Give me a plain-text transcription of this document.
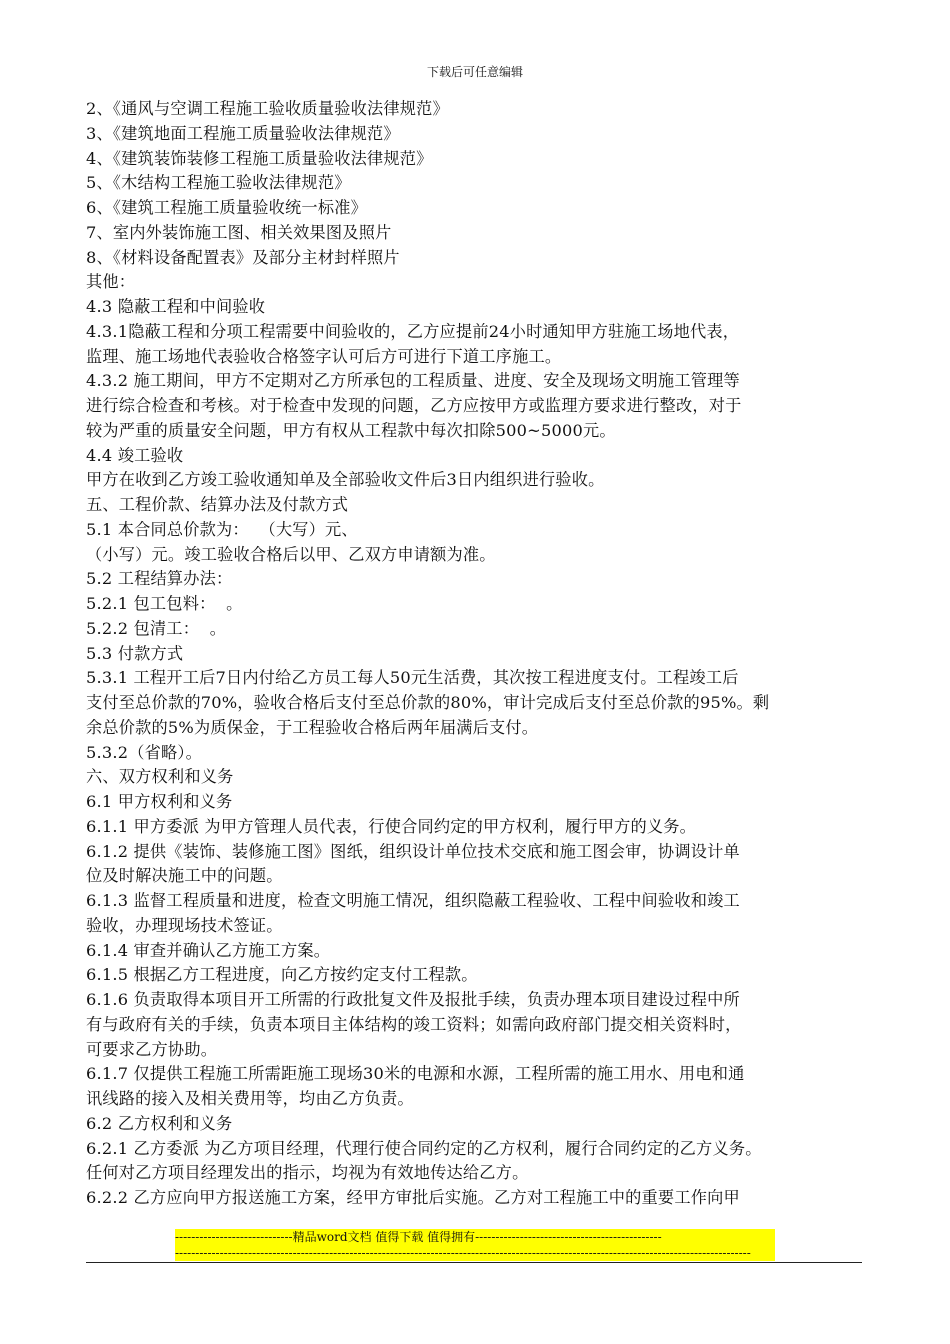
下载后可任意编辑
2、《通风与空调工程施工验收质量验收法律规范》
3、《建筑地面工程施工质量验收法律规范》
4、《建筑装饰装修工程施工质量验收法律规范》
5、《木结构工程施工验收法律规范》
6、《建筑工程施工质量验收统一标准》
7、室内外装饰施工图、相关效果图及照片
8、《材料设备配置表》及部分主材封样照片
其他：
4.3 隐蔽工程和中间验收
4.3.1隐蔽工程和分项工程需要中间验收的，乙方应提前24小时通知甲方驻施工场地代表，
监理、施工场地代表验收合格签字认可后方可进行下道工序施工。
4.3.2 施工期间，甲方不定期对乙方所承包的工程质量、进度、安全及现场文明施工管理等
进行综合检查和考核。对于检查中发现的问题，乙方应按甲方或监理方要求进行整改，对于
较为严重的质量安全问题，甲方有权从工程款中每次扣除500~5000元。
4.4 竣工验收
甲方在收到乙方竣工验收通知单及全部验收文件后3日内组织进行验收。
五、工程价款、结算办法及付款方式
5.1 本合同总价款为：  （大写）元、
（小写）元。竣工验收合格后以甲、乙双方申请额为准。
5.2 工程结算办法：
5.2.1 包工包料：  。
5.2.2 包清工：  。
5.3 付款方式
5.3.1 工程开工后7日内付给乙方员工每人50元生活费，其次按工程进度支付。工程竣工后
支付至总价款的70%，验收合格后支付至总价款的80%，审计完成后支付至总价款的95%。剩
余总价款的5%为质保金，于工程验收合格后两年届满后支付。
5.3.2（省略）。
六、双方权利和义务
6.1 甲方权利和义务
6.1.1 甲方委派 为甲方管理人员代表，行使合同约定的甲方权利，履行甲方的义务。
6.1.2 提供《装饰、装修施工图》图纸，组织设计单位技术交底和施工图会审，协调设计单
位及时解决施工中的问题。
6.1.3 监督工程质量和进度，检查文明施工情况，组织隐蔽工程验收、工程中间验收和竣工
验收，办理现场技术签证。
6.1.4 审查并确认乙方施工方案。
6.1.5 根据乙方工程进度，向乙方按约定支付工程款。
6.1.6 负责取得本项目开工所需的行政批复文件及报批手续，负责办理本项目建设过程中所
有与政府有关的手续，负责本项目主体结构的竣工资料；如需向政府部门提交相关资料时，
可要求乙方协助。
6.1.7 仅提供工程施工所需距施工现场30米的电源和水源，工程所需的施工用水、用电和通
讯线路的接入及相关费用等，均由乙方负责。
6.2 乙方权利和义务
6.2.1 乙方委派 为乙方项目经理，代理行使合同约定的乙方权利，履行合同约定的乙方义务。
任何对乙方项目经理发出的指示，均视为有效地传达给乙方。
6.2.2 乙方应向甲方报送施工方案，经甲方审批后实施。乙方对工程施工中的重要工作向甲
-----------------------------精品word文档 值得下载 值得拥有----------------------------------------------
----------------------------------------------------------------------------------------------------------------------------------------------
